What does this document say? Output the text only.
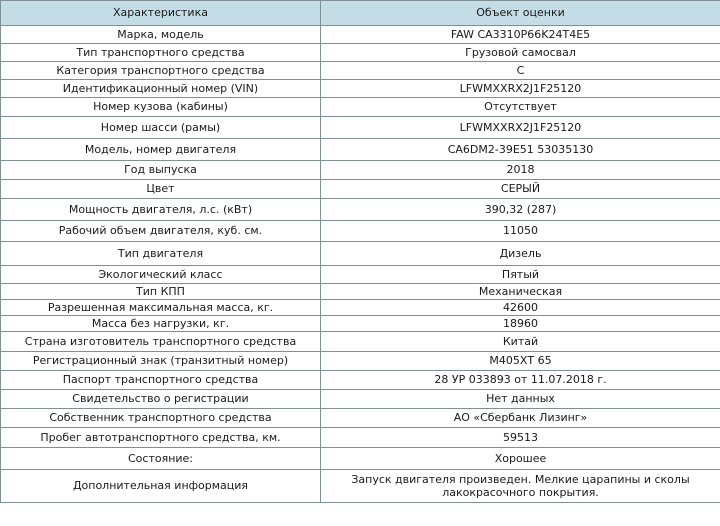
Характеристика	Объект оценки
Марка, модель	FAW CA3310P66K24T4E5
Тип транспортного средства	Грузовой самосвал
Категория транспортного средства	С
Идентификационный номер (VIN)	LFWMXXRX2J1F25120
Номер кузова (кабины)	Отсутствует
Номер шасси (рамы)	LFWMXXRX2J1F25120
Модель, номер двигателя	CA6DM2-39E51 53035130
Год выпуска	2018
Цвет	СЕРЫЙ
Мощность двигателя, л.с. (кВт)	390,32 (287)
Рабочий объем двигателя, куб. см.	11050
Тип двигателя	Дизель
Экологический класс	Пятый
Тип КПП	Механическая
Разрешенная максимальная масса, кг.	42600
Масса без нагрузки, кг.	18960
Страна изготовитель транспортного средства	Китай
Регистрационный знак (транзитный номер)	М405ХТ 65
Паспорт транспортного средства	28 УР 033893 от 11.07.2018 г.
Свидетельство о регистрации	Нет данных
Собственник транспортного средства	АО «Сбербанк Лизинг»
Пробег автотранспортного средства, км.	59513
Состояние:	Хорошее
Дополнительная информация	Запуск двигателя произведен. Мелкие царапины и сколы лакокрасочного покрытия.
